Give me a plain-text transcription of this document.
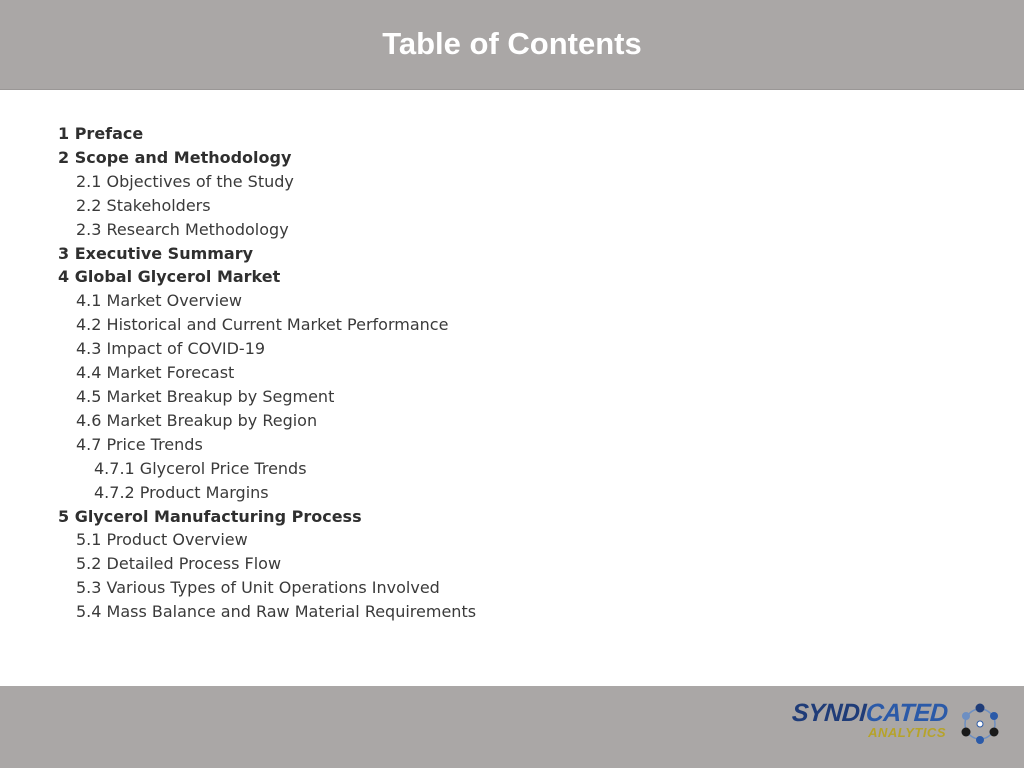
Table of Contents
1 Preface
2 Scope and Methodology
2.1 Objectives of the Study
2.2 Stakeholders
2.3 Research Methodology
3 Executive Summary
4 Global Glycerol Market
4.1 Market Overview
4.2 Historical and Current Market Performance
4.3 Impact of COVID-19
4.4 Market Forecast
4.5 Market Breakup by Segment
4.6 Market Breakup by Region
4.7 Price Trends
4.7.1 Glycerol Price Trends
4.7.2 Product Margins
5 Glycerol Manufacturing Process
5.1 Product Overview
5.2 Detailed Process Flow
5.3 Various Types of Unit Operations Involved
5.4 Mass Balance and Raw Material Requirements
SYNDICATED
ANALYTICS
